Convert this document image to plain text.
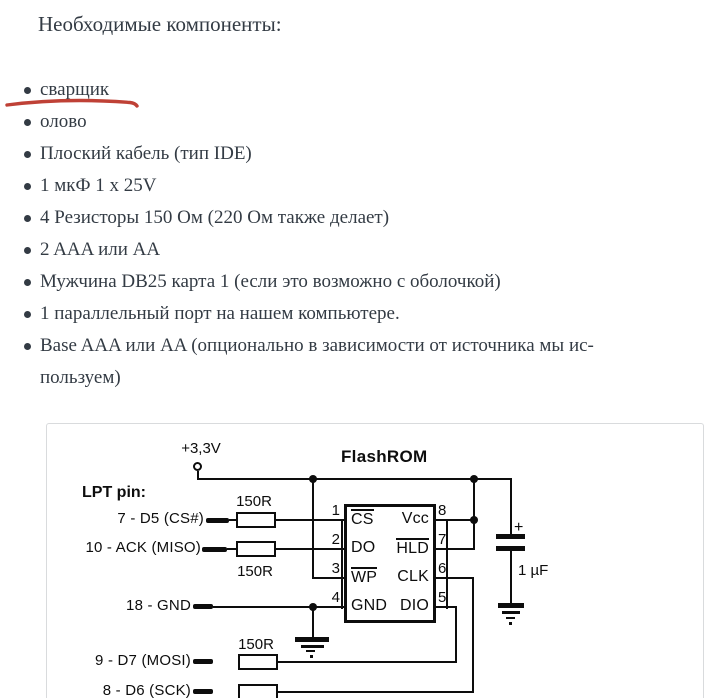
Необходимые компоненты:
сварщик
олово
Плоский кабель (тип IDE)
1 мкФ 1 x 25V
4 Резисторы 150 Ом (220 Ом также делает)
2 AAA или AA
Мужчина DB25 карта 1 (если это возможно с оболочкой)
1 параллельный порт на нашем компьютере.
Base AAA или AA (опционально в зависимости от источника мы ис-
пользуем)
+3,3V	FlashROM
LPT pin:
7 - D5 (CS#)
10 - ACK (MISO)
18 - GND
9 - D7 (MOSI)
8 - D6 (SCK)
150R
150R
150R
CS Vcc
DO HLD
WP CLK
GND DIO
1
2
3
4
8
7
6
5
+
1 µF
